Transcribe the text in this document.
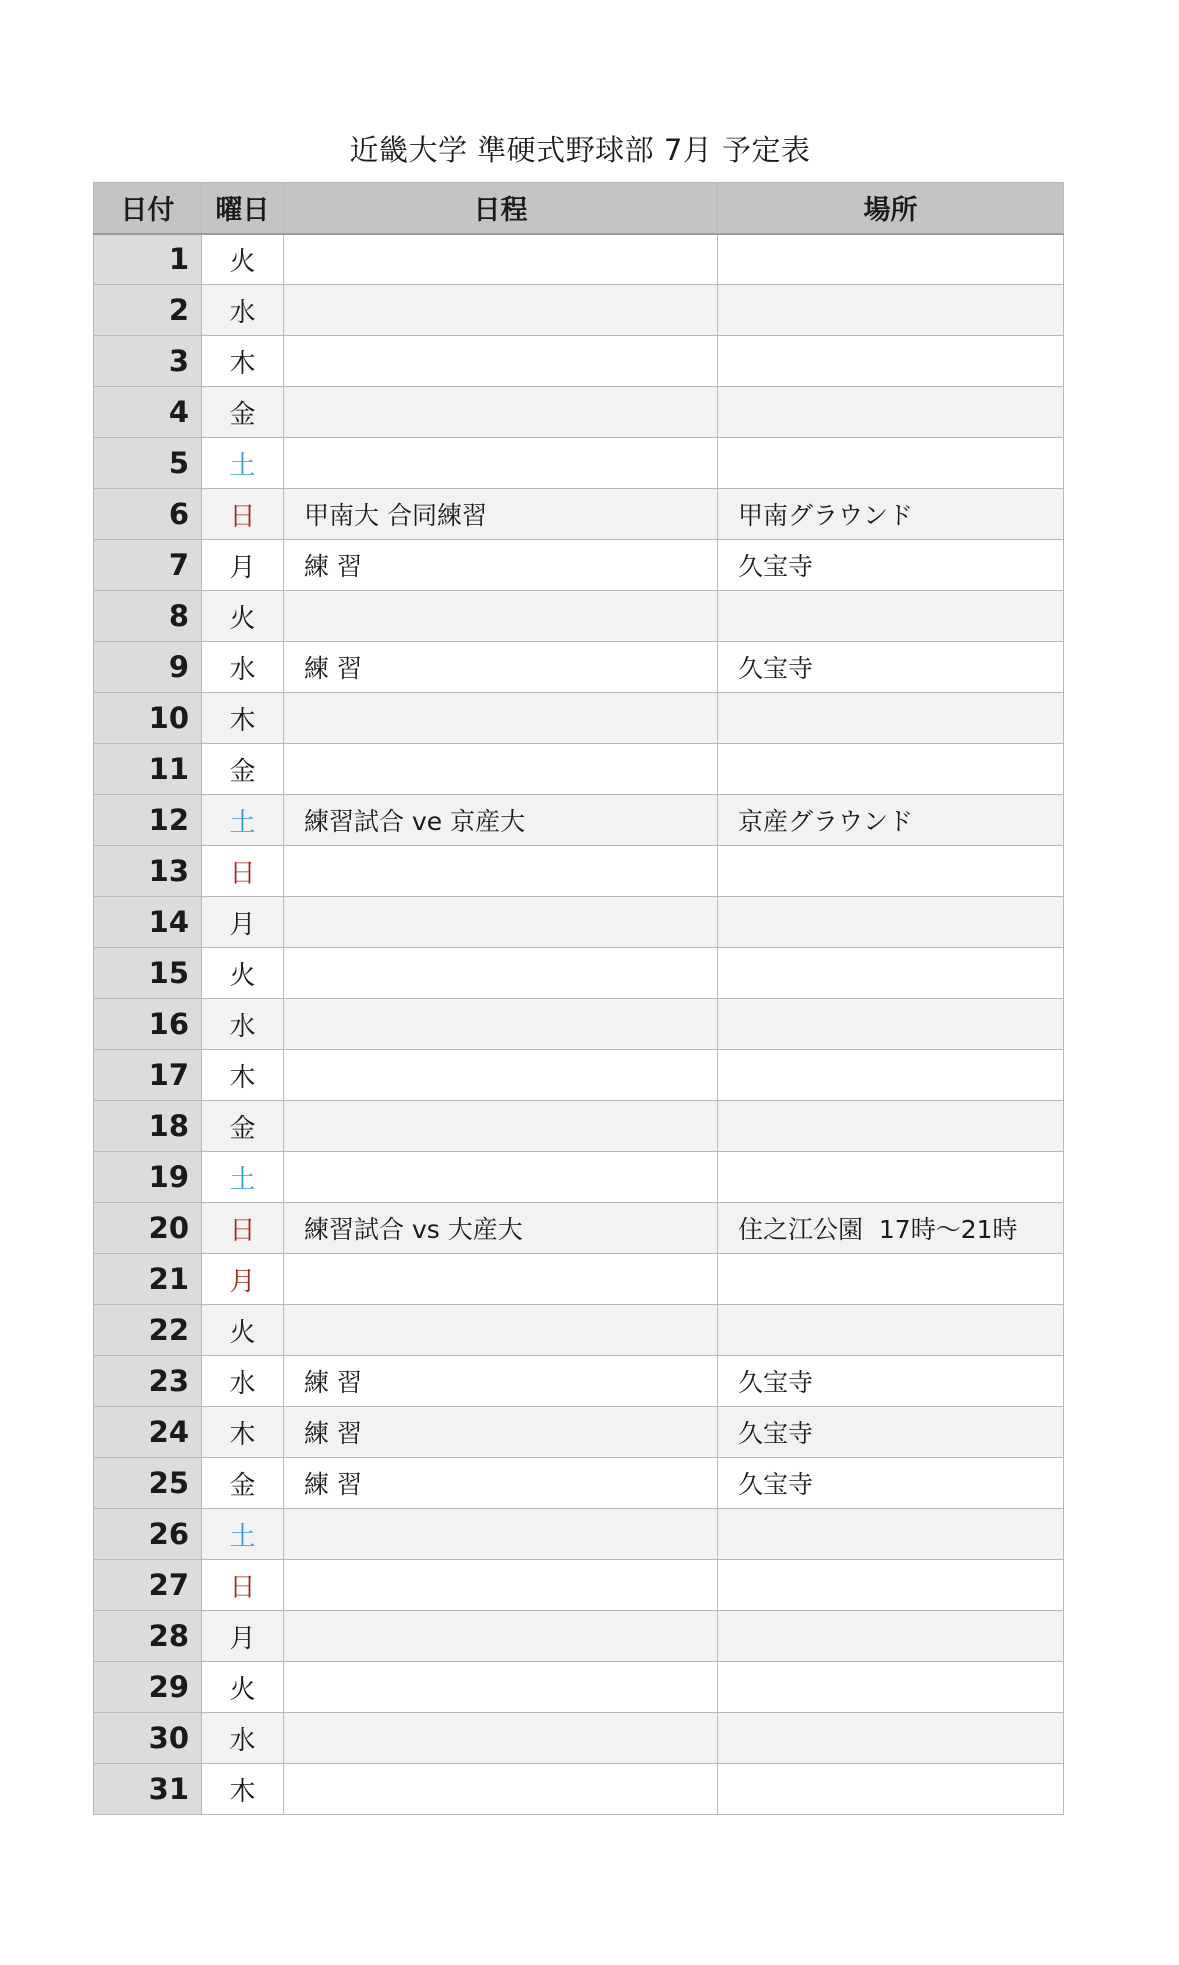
近畿大学 準硬式野球部 7月 予定表
日付	曜日	日程	場所
1	火		
2	水		
3	木		
4	金		
5	土		
6	日	甲南大 合同練習	甲南グラウンド
7	月	練 習	久宝寺
8	火		
9	水	練 習	久宝寺
10	木		
11	金		
12	土	練習試合 ve 京産大	京産グラウンド
13	日		
14	月		
15	火		
16	水		
17	木		
18	金		
19	土		
20	日	練習試合 vs 大産大	住之江公園  17時〜21時
21	月		
22	火		
23	水	練 習	久宝寺
24	木	練 習	久宝寺
25	金	練 習	久宝寺
26	土		
27	日		
28	月		
29	火		
30	水		
31	木		
